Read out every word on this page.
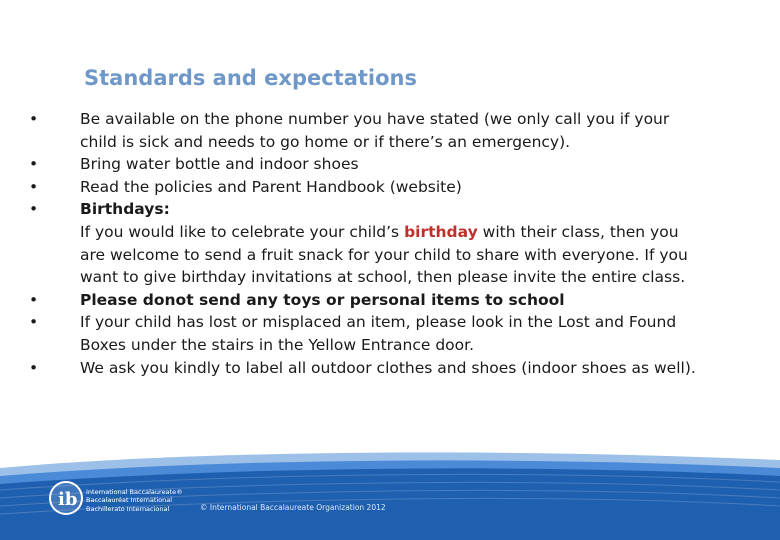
Standards and expectations
• Be available on the phone number you have stated (we only call you if your child is sick and needs to go home or if there’s an emergency).
• Bring water bottle and indoor shoes
• Read the policies and Parent Handbook (website)
• Birthdays:
If you would like to celebrate your child’s birthday with their class, then you are welcome to send a fruit snack for your child to share with everyone. If you want to give birthday invitations at school, then please invite the entire class.
• Please donot send any toys or personal items to school
• If your child has lost or misplaced an item, please look in the Lost and Found Boxes under the stairs in the Yellow Entrance door.
• We ask you kindly to label all outdoor clothes and shoes (indoor shoes as well).
ib International Baccalaureate®
Baccalauréat International
Bachillerato Internacional	© International Baccalaureate Organization 2012
